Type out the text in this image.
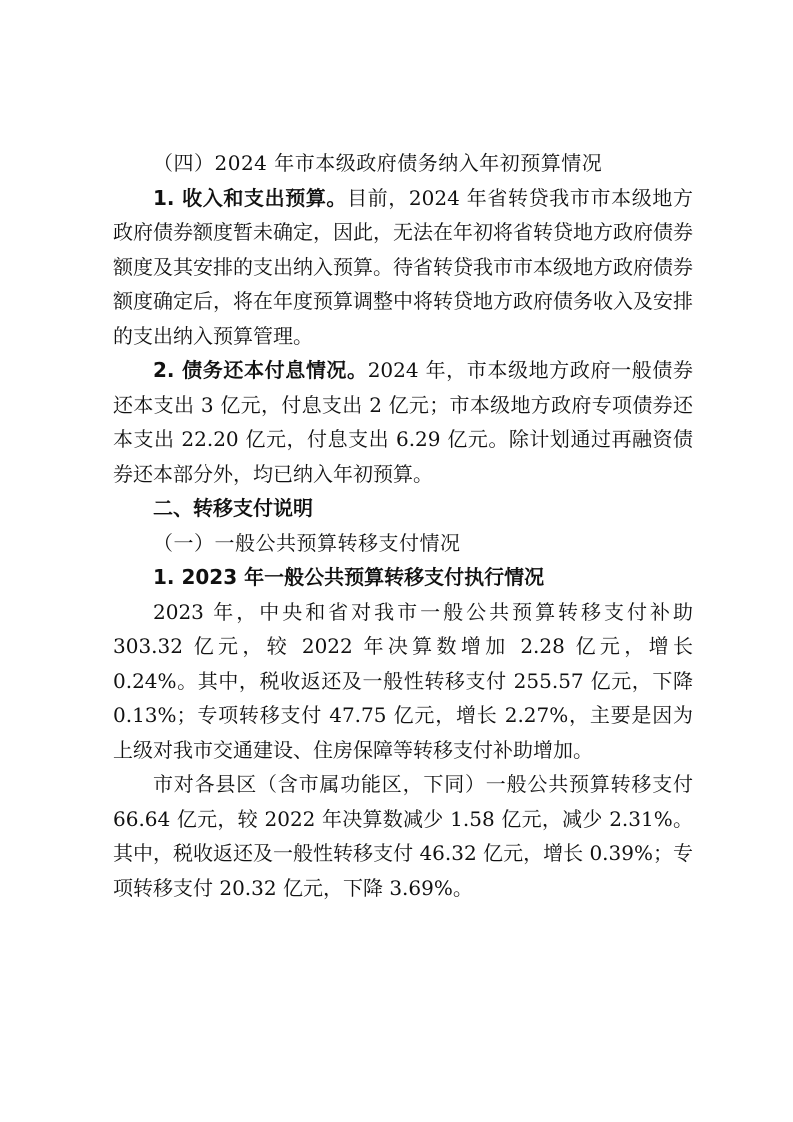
（四）2024 年市本级政府债务纳入年初预算情况

1. 收入和支出预算。目前，2024 年省转贷我市市本级地方政府债券额度暂未确定，因此，无法在年初将省转贷地方政府债券额度及其安排的支出纳入预算。待省转贷我市市本级地方政府债券额度确定后，将在年度预算调整中将转贷地方政府债务收入及安排的支出纳入预算管理。

2. 债务还本付息情况。2024 年，市本级地方政府一般债券还本支出 3 亿元，付息支出 2 亿元；市本级地方政府专项债券还本支出 22.20 亿元，付息支出 6.29 亿元。除计划通过再融资债券还本部分外，均已纳入年初预算。

二、转移支付说明

（一）一般公共预算转移支付情况

1. 2023 年一般公共预算转移支付执行情况

2023 年，中央和省对我市一般公共预算转移支付补助 303.32 亿元，较 2022 年决算数增加 2.28 亿元，增长 0.24%。其中，税收返还及一般性转移支付 255.57 亿元，下降 0.13%；专项转移支付 47.75 亿元，增长 2.27%，主要是因为上级对我市交通建设、住房保障等转移支付补助增加。

市对各县区（含市属功能区，下同）一般公共预算转移支付 66.64 亿元，较 2022 年决算数减少 1.58 亿元，减少 2.31%。其中，税收返还及一般性转移支付 46.32 亿元，增长 0.39%；专项转移支付 20.32 亿元，下降 3.69%。
